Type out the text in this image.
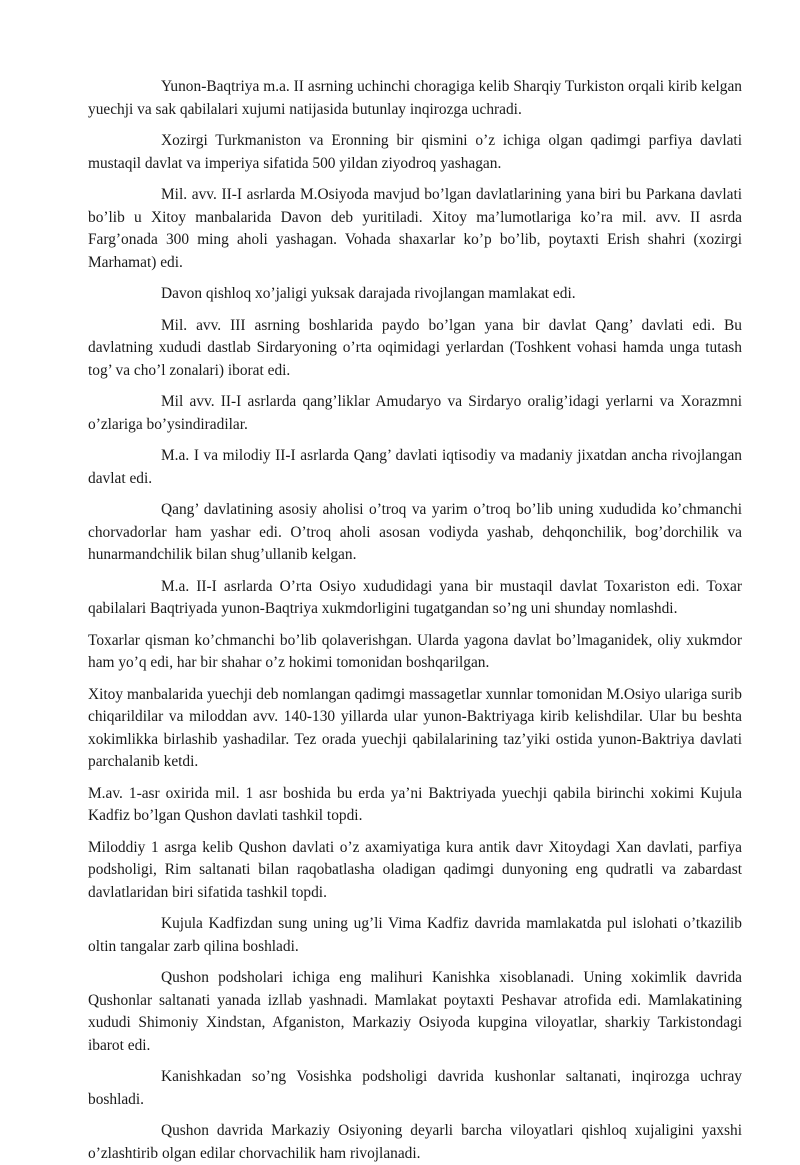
Yunon-Baqtriya m.a. II asrning uchinchi choragiga kelib Sharqiy Turkiston orqali kirib kelgan yuechji va sak qabilalari xujumi natijasida butunlay inqirozga uchradi.

Xozirgi Turkmaniston va Eronning bir qismini o’z ichiga olgan qadimgi parfiya davlati mustaqil davlat va imperiya sifatida 500 yildan ziyodroq yashagan.

Mil. avv. II-I asrlarda M.Osiyoda mavjud bo’lgan davlatlarining yana biri bu Parkana davlati bo’lib u Xitoy manbalarida Davon deb yuritiladi. Xitoy ma’lumotlariga ko’ra mil. avv. II asrda Farg’onada 300 ming aholi yashagan. Vohada shaxarlar ko’p bo’lib, poytaxti Erish shahri (xozirgi Marhamat) edi.

Davon qishloq xo’jaligi yuksak darajada rivojlangan mamlakat edi.

Mil. avv. III asrning boshlarida paydo bo’lgan yana bir davlat Qang’ davlati edi. Bu davlatning xududi dastlab Sirdaryoning o’rta oqimidagi yerlardan (Toshkent vohasi hamda unga tutash tog’ va cho’l zonalari) iborat edi.

Mil avv. II-I asrlarda qang’liklar Amudaryo va Sirdaryo oralig’idagi yerlarni va Xorazmni o’zlariga bo’ysindiradilar.

M.a. I va milodiy II-I asrlarda Qang’ davlati iqtisodiy va madaniy jixatdan ancha rivojlangan davlat edi.

Qang’ davlatining asosiy aholisi o’troq va yarim o’troq bo’lib uning xududida ko’chmanchi chorvadorlar ham yashar edi. O’troq aholi asosan vodiyda yashab, dehqonchilik, bog’dorchilik va hunarmandchilik bilan shug’ullanib kelgan.

M.a. II-I asrlarda O’rta Osiyo xududidagi yana bir mustaqil davlat Toxariston edi. Toxar qabilalari Baqtriyada yunon-Baqtriya xukmdorligini tugatgandan so’ng uni shunday nomlashdi.

Toxarlar qisman ko’chmanchi bo’lib qolaverishgan. Ularda yagona davlat bo’lmaganidek, oliy xukmdor ham yo’q edi, har bir shahar o’z hokimi tomonidan boshqarilgan.

Xitoy manbalarida yuechji deb nomlangan qadimgi massagetlar xunnlar tomonidan M.Osiyo ulariga surib chiqarildilar va miloddan avv. 140-130 yillarda ular yunon-Baktriyaga kirib kelishdilar. Ular bu beshta xokimlikka birlashib yashadilar. Tez orada yuechji qabilalarining taz’yiki ostida yunon-Baktriya davlati parchalanib ketdi.

M.av. 1-asr oxirida mil. 1 asr boshida bu erda ya’ni Baktriyada yuechji qabila birinchi xokimi Kujula Kadfiz bo’lgan Qushon davlati tashkil topdi.

Miloddiy 1 asrga kelib Qushon davlati o’z axamiyatiga kura antik davr Xitoydagi Xan davlati, parfiya podsholigi, Rim saltanati bilan raqobatlasha oladigan qadimgi dunyoning eng qudratli va zabardast davlatlaridan biri sifatida tashkil topdi.

Kujula Kadfizdan sung uning ug’li Vima Kadfiz davrida mamlakatda pul islohati o’tkazilib oltin tangalar zarb qilina boshladi.

Qushon podsholari ichiga eng malihuri Kanishka xisoblanadi. Uning xokimlik davrida Qushonlar saltanati yanada izllab yashnadi. Mamlakat poytaxti Peshavar atrofida edi. Mamlakatining xududi Shimoniy Xindstan, Afganiston, Markaziy Osiyoda kupgina viloyatlar, sharkiy Tarkistondagi ibarot edi.

Kanishkadan so’ng Vosishka podsholigi davrida kushonlar saltanati, inqirozga uchray boshladi.

Qushon davrida Markaziy Osiyoning deyarli barcha viloyatlari qishloq xujaligini yaxshi o’zlashtirib olgan edilar chorvachilik ham rivojlanadi.
